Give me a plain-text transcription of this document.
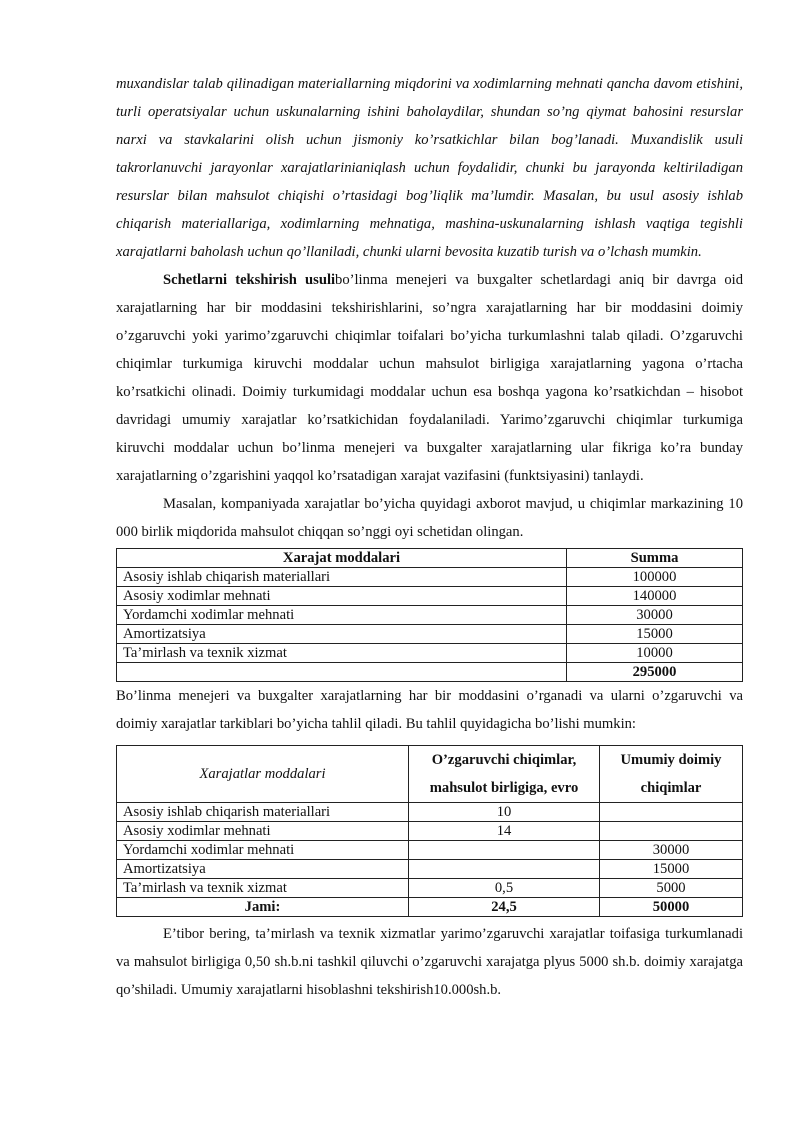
muxandislar talab qilinadigan materiallarning miqdorini va xodimlarning mehnati qancha davom etishini, turli operatsiyalar uchun uskunalarning ishini baholaydilar, shundan so’ng qiymat bahosini resurslar narxi va stavkalarini olish uchun jismoniy ko’rsatkichlar bilan bog’lanadi. Muxandislik usuli takrorlanuvchi jarayonlar xarajatlarinianiqlash uchun foydalidir, chunki bu jarayonda keltiriladigan resurslar bilan mahsulot chiqishi o’rtasidagi bog’liqlik ma’lumdir. Masalan, bu usul asosiy ishlab chiqarish materiallariga, xodimlarning mehnatiga, mashina-uskunalarning ishlash vaqtiga tegishli xarajatlarni baholash uchun qo’llaniladi, chunki ularni bevosita kuzatib turish va o’lchash mumkin.

Schetlarni tekshirish usulibo’linma menejeri va buxgalter schetlardagi aniq bir davrga oid xarajatlarning har bir moddasini tekshirishlarini, so’ngra xarajatlarning har bir moddasini doimiy o’zgaruvchi yoki yarimo’zgaruvchi chiqimlar toifalari bo’yicha turkumlashni talab qiladi. O’zgaruvchi chiqimlar turkumiga kiruvchi moddalar uchun mahsulot birligiga xarajatlarning yagona o’rtacha ko’rsatkichi olinadi. Doimiy turkumidagi moddalar uchun esa boshqa yagona ko’rsatkichdan – hisobot davridagi umumiy xarajatlar ko’rsatkichidan foydalaniladi. Yarimo’zgaruvchi chiqimlar turkumiga kiruvchi moddalar uchun bo’linma menejeri va buxgalter xarajatlarning ular fikriga ko’ra bunday xarajatlarning o’zgarishini yaqqol ko’rsatadigan xarajat vazifasini (funktsiyasini) tanlaydi.

Masalan, kompaniyada xarajatlar bo’yicha quyidagi axborot mavjud, u chiqimlar markazining 10 000 birlik miqdorida mahsulot chiqqan so’nggi oyi schetidan olingan.

Xarajat moddalari	Summa
Asosiy ishlab chiqarish materiallari	100000
Asosiy xodimlar mehnati	140000
Yordamchi xodimlar mehnati	30000
Amortizatsiya	15000
Ta’mirlash va texnik xizmat	10000
	295000

Bo’linma menejeri va buxgalter xarajatlarning har bir moddasini o’rganadi va ularni o’zgaruvchi va doimiy xarajatlar tarkiblari bo’yicha tahlil qiladi. Bu tahlil quyidagicha bo’lishi mumkin:

Xarajatlar moddalari	O’zgaruvchi chiqimlar, mahsulot birligiga, evro	Umumiy doimiy chiqimlar
Asosiy ishlab chiqarish materiallari	10	
Asosiy xodimlar mehnati	14	
Yordamchi xodimlar mehnati		30000
Amortizatsiya		15000
Ta’mirlash va texnik xizmat	0,5	5000
Jami:	24,5	50000

E’tibor bering, ta’mirlash va texnik xizmatlar yarimo’zgaruvchi xarajatlar toifasiga turkumlanadi va mahsulot birligiga 0,50 sh.b.ni tashkil qiluvchi o’zgaruvchi xarajatga plyus 5000 sh.b. doimiy xarajatga qo’shiladi. Umumiy xarajatlarni hisoblashni tekshirish10.000sh.b.
